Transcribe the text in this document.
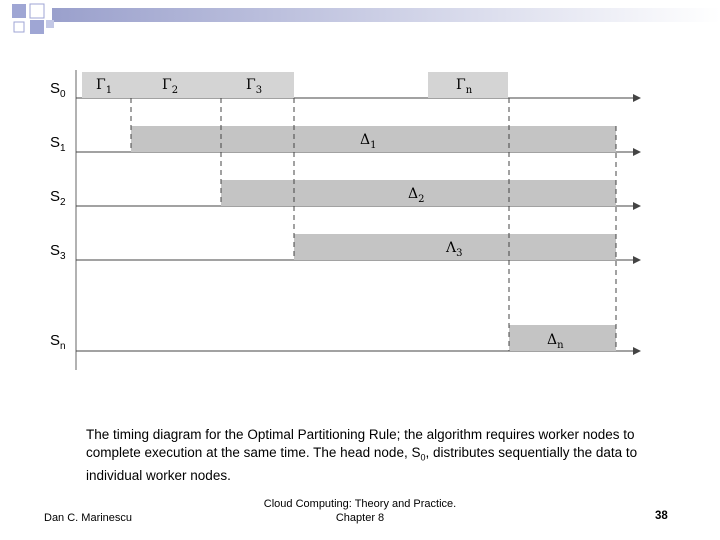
$S_0$
$S_1$
$S_2$
$S_3$
$S_n$
$\Gamma_1$	$\Gamma_2$	$\Gamma_3$	$\Gamma_n$
$\Delta_1$
$\Delta_2$
$\Lambda_3$
$\Delta_n$
The timing diagram for the Optimal Partitioning Rule; the algorithm requires worker nodes to complete execution at the same time. The head node, $S_0$, distributes sequentially the data to individual worker nodes.
Dan C. Marinescu
Cloud Computing: Theory and Practice.
Chapter 8	38
